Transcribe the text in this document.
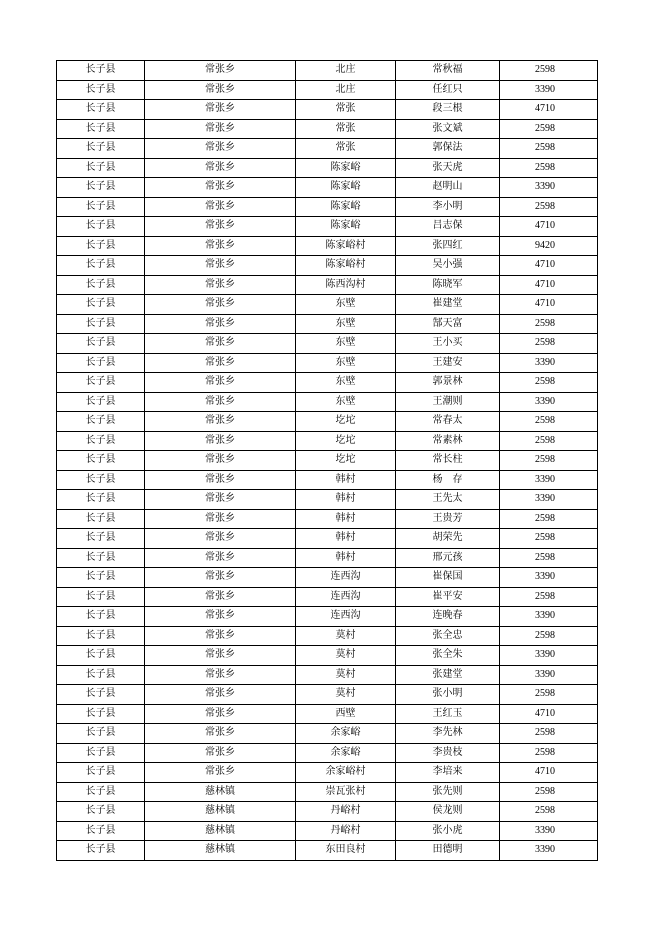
长子县	常张乡	北庄	常秋福	2598
长子县	常张乡	北庄	任红只	3390
长子县	常张乡	常张	段三根	4710
长子县	常张乡	常张	张文斌	2598
长子县	常张乡	常张	郭保法	2598
长子县	常张乡	陈家峪	张天虎	2598
长子县	常张乡	陈家峪	赵明山	3390
长子县	常张乡	陈家峪	李小明	2598
长子县	常张乡	陈家峪	吕志保	4710
长子县	常张乡	陈家峪村	张四红	9420
长子县	常张乡	陈家峪村	吴小强	4710
长子县	常张乡	陈西沟村	陈晓军	4710
长子县	常张乡	东壁	崔建堂	4710
长子县	常张乡	东壁	郜天富	2598
长子县	常张乡	东壁	王小买	2598
长子县	常张乡	东壁	王建安	3390
长子县	常张乡	东壁	郭景林	2598
长子县	常张乡	东壁	王潮则	3390
长子县	常张乡	圪坨	常春太	2598
长子县	常张乡	圪坨	常素林	2598
长子县	常张乡	圪坨	常长柱	2598
长子县	常张乡	韩村	杨　存	3390
长子县	常张乡	韩村	王先太	3390
长子县	常张乡	韩村	王贵芳	2598
长子县	常张乡	韩村	胡荣先	2598
长子县	常张乡	韩村	邢元孩	2598
长子县	常张乡	连西沟	崔保国	3390
长子县	常张乡	连西沟	崔平安	2598
长子县	常张乡	连西沟	连晚春	3390
长子县	常张乡	莫村	张全忠	2598
长子县	常张乡	莫村	张全朱	3390
长子县	常张乡	莫村	张建堂	3390
长子县	常张乡	莫村	张小明	2598
长子县	常张乡	西壁	王红玉	4710
长子县	常张乡	余家峪	李先林	2598
长子县	常张乡	余家峪	李贵枝	2598
长子县	常张乡	余家峪村	李培来	4710
长子县	慈林镇	崇瓦张村	张先则	2598
长子县	慈林镇	丹峪村	侯龙则	2598
长子县	慈林镇	丹峪村	张小虎	3390
长子县	慈林镇	东田良村	田德明	3390
